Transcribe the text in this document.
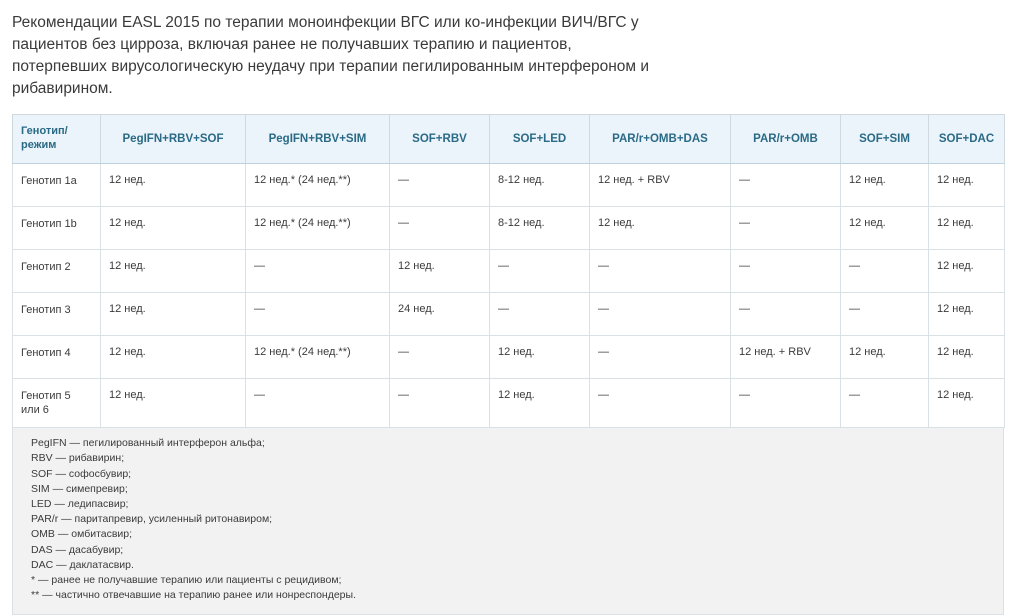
Рекомендации EASL 2015 по терапии моноинфекции ВГС или ко-инфекции ВИЧ/ВГС у пациентов без цирроза, включая ранее не получавших терапию и пациентов, потерпевших вирусологическую неудачу при терапии пегилированным интерфероном и рибавирином.
Генотип/ режим	PegIFN+RBV+SOF	PegIFN+RBV+SIM	SOF+RBV	SOF+LED	PAR/r+OMB+DAS	PAR/r+OMB	SOF+SIM	SOF+DAC
Генотип 1a	12 нед.	12 нед.* (24 нед.**)	—	8-12 нед.	12 нед. + RBV	—	12 нед.	12 нед.
Генотип 1b	12 нед.	12 нед.* (24 нед.**)	—	8-12 нед.	12 нед.	—	12 нед.	12 нед.
Генотип 2	12 нед.	—	12 нед.	—	—	—	—	12 нед.
Генотип 3	12 нед.	—	24 нед.	—	—	—	—	12 нед.
Генотип 4	12 нед.	12 нед.* (24 нед.**)	—	12 нед.	—	12 нед. + RBV	12 нед.	12 нед.
Генотип 5 или 6	12 нед.	—	—	12 нед.	—	—	—	12 нед.
PegIFN — пегилированный интерферон альфа;
RBV — рибавирин;
SOF — софосбувир;
SIM — симепревир;
LED — ледипасвир;
PAR/r — паритапревир, усиленный ритонавиром;
OMB — омбитасвир;
DAS — дасабувир;
DAC — даклатасвир.
* — ранее не получавшие терапию или пациенты с рецидивом;
** — частично отвечавшие на терапию ранее или нонреспондеры.
